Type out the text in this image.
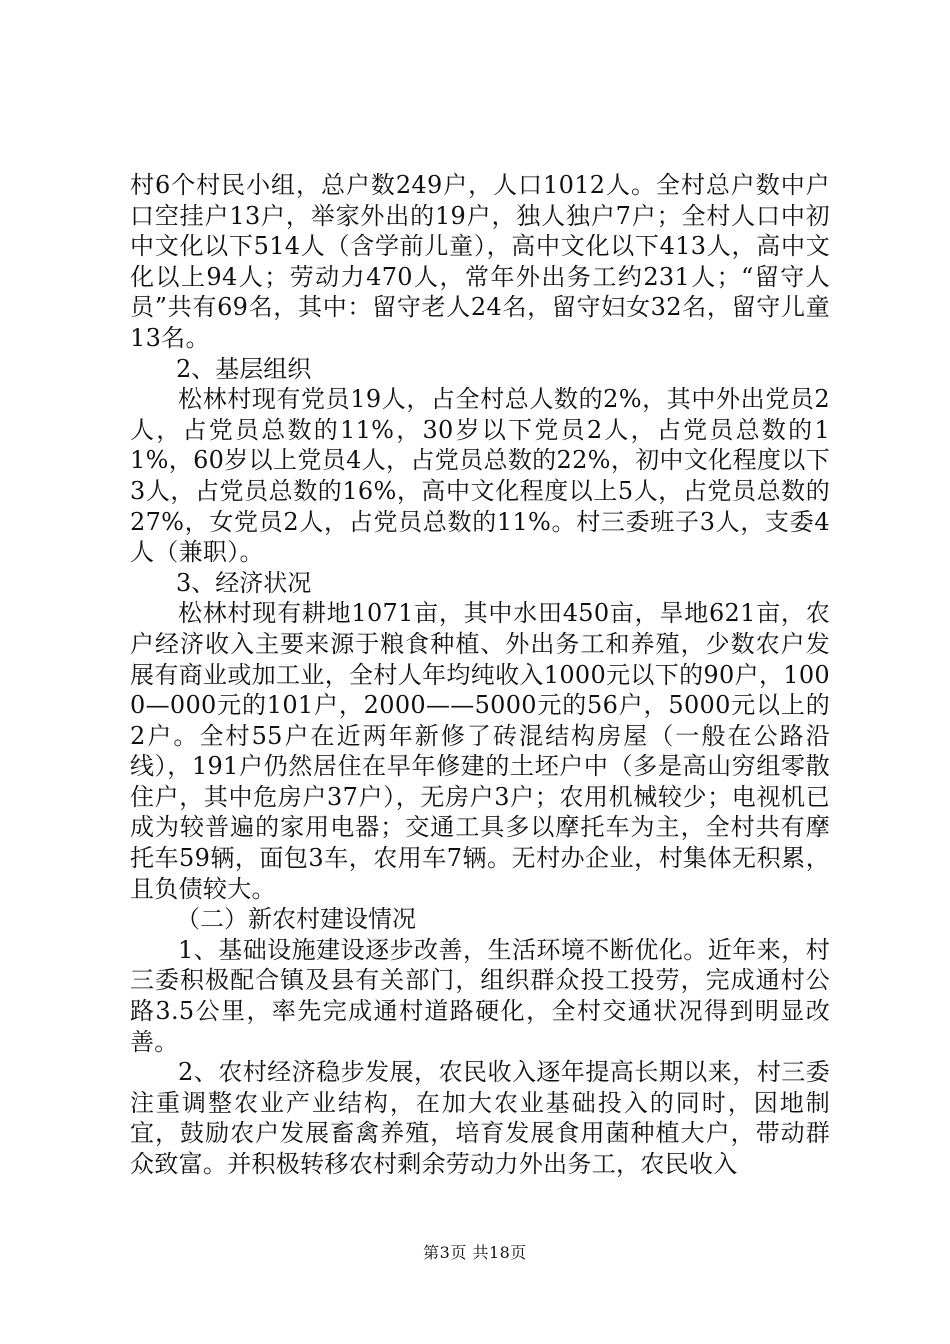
村6个村民小组，总户数249户，人口1012人。全村总户数中户口空挂户13户，举家外出的19户，独人独户7户；全村人口中初中文化以下514人（含学前儿童），高中文化以下413人，高中文化以上94人；劳动力470人，常年外出务工约231人；“留守人员”共有69名，其中：留守老人24名，留守妇女32名，留守儿童13名。

2、基层组织

松林村现有党员19人，占全村总人数的2%，其中外出党员2人，占党员总数的11%，30岁以下党员2人，占党员总数的11%，60岁以上党员4人，占党员总数的22%，初中文化程度以下3人，占党员总数的16%，高中文化程度以上5人，占党员总数的27%，女党员2人，占党员总数的11%。村三委班子3人，支委4人（兼职）。

3、经济状况

松林村现有耕地1071亩，其中水田450亩，旱地621亩，农户经济收入主要来源于粮食种植、外出务工和养殖，少数农户发展有商业或加工业，全村人年均纯收入1000元以下的90户，1000—000元的101户，2000——5000元的56户，5000元以上的2户。全村55户在近两年新修了砖混结构房屋（一般在公路沿线），191户仍然居住在早年修建的土坯户中（多是高山穷组零散住户，其中危房户37户），无房户3户；农用机械较少；电视机已成为较普遍的家用电器；交通工具多以摩托车为主，全村共有摩托车59辆，面包3车，农用车7辆。无村办企业，村集体无积累，且负债较大。

（二）新农村建设情况

1、基础设施建设逐步改善，生活环境不断优化。近年来，村三委积极配合镇及县有关部门，组织群众投工投劳，完成通村公路3.5公里，率先完成通村道路硬化，全村交通状况得到明显改善。

2、农村经济稳步发展，农民收入逐年提高长期以来，村三委注重调整农业产业结构，在加大农业基础投入的同时，因地制宜，鼓励农户发展畜禽养殖，培育发展食用菌种植大户，带动群众致富。并积极转移农村剩余劳动力外出务工，农民收入

第3页 共18页
